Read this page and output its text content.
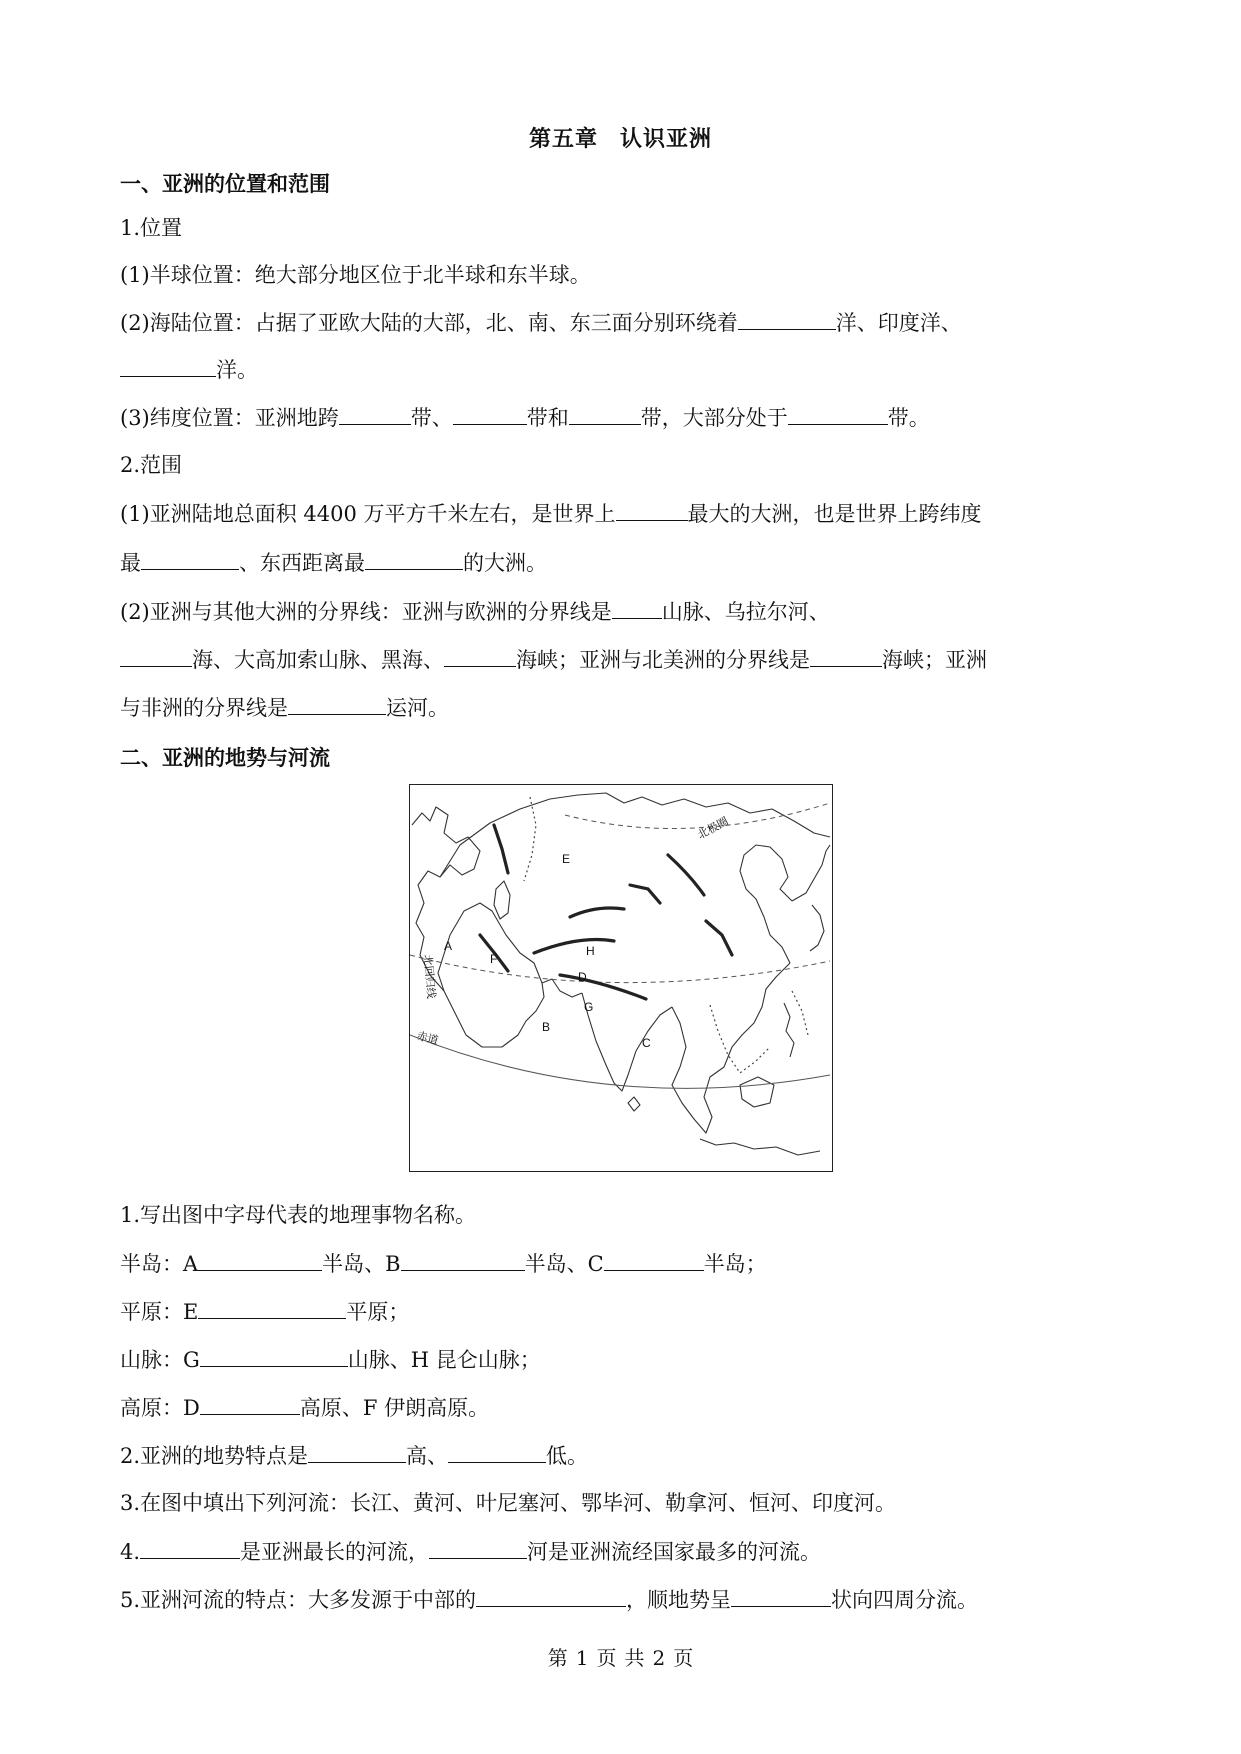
第五章 认识亚洲
一、亚洲的位置和范围
1.位置
(1)半球位置：绝大部分地区位于北半球和东半球。
(2)海陆位置：占据了亚欧大陆的大部，北、南、东三面分别环绕着	洋、印度洋、
洋。
(3)纬度位置：亚洲地跨	带、	带和	带，大部分处于	带。
2.范围
(1)亚洲陆地总面积 4400 万平方千米左右，是世界上	最大的大洲，也是世界上跨纬度
最	、东西距离最	的大洲。
(2)亚洲与其他大洲的分界线：亚洲与欧洲的分界线是 山脉、乌拉尔河、
海、大高加索山脉、黑海、	海峡；亚洲与北美洲的分界线是	海峡；亚洲
与非洲的分界线是	运河。
二、亚洲的地势与河流
A
B
C
D
E
F
G
H
北极圈
北回归线
赤道
1.写出图中字母代表的地理事物名称。
半岛：A	半岛、B	半岛、C	半岛；
平原：E	平原；
山脉：G	山脉、H 昆仑山脉；
高原：D	高原、F 伊朗高原。
2.亚洲的地势特点是	高、	低。
3.在图中填出下列河流：长江、黄河、叶尼塞河、鄂毕河、勒拿河、恒河、印度河。
4.	是亚洲最长的河流，	河是亚洲流经国家最多的河流。
5.亚洲河流的特点：大多发源于中部的	，顺地势呈	状向四周分流。
第 1 页 共 2 页
